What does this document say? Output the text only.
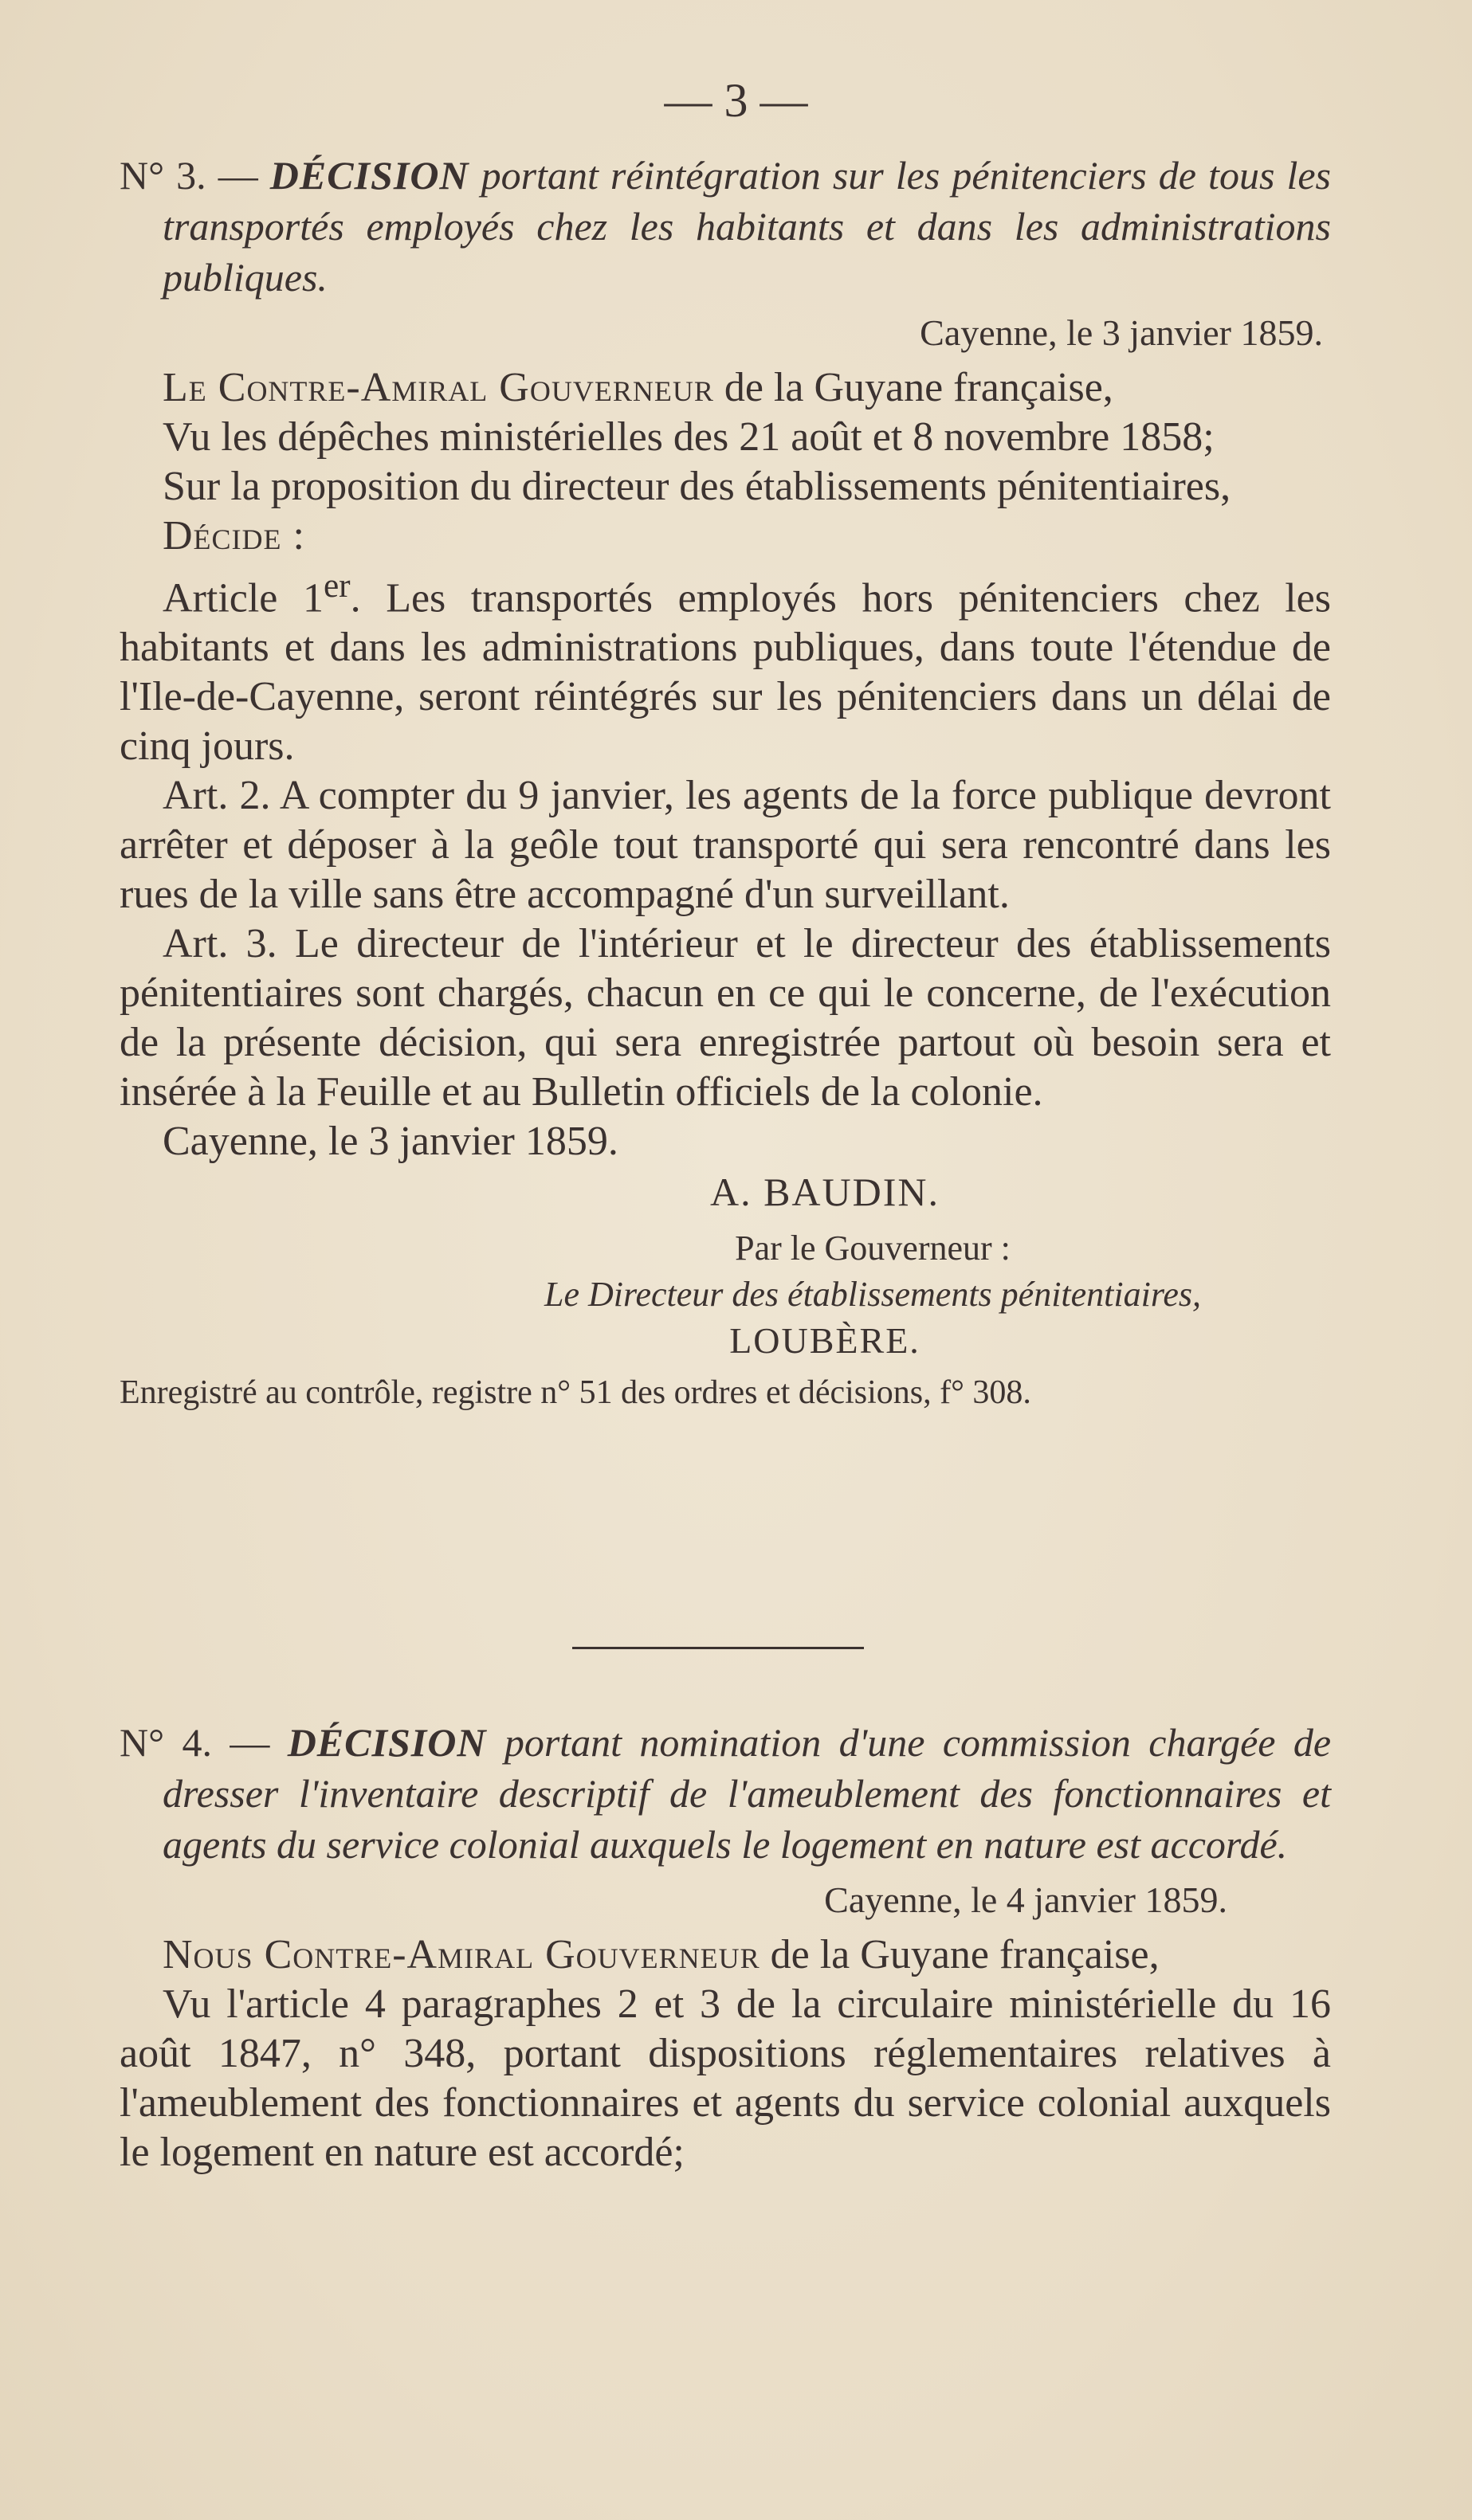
— 3 —

N° 3. — DÉCISION portant réintégration sur les pénitenciers de tous les transportés employés chez les habitants et dans les administrations publiques.

Cayenne, le 3 janvier 1859.

Le Contre-Amiral Gouverneur de la Guyane française,

Vu les dépêches ministérielles des 21 août et 8 novembre 1858;

Sur la proposition du directeur des établissements pénitentiaires,

Décide :

Article 1er. Les transportés employés hors pénitenciers chez les habitants et dans les administrations publiques, dans toute l'étendue de l'Ile-de-Cayenne, seront réintégrés sur les pénitenciers dans un délai de cinq jours.

Art. 2. A compter du 9 janvier, les agents de la force publique devront arrêter et déposer à la geôle tout transporté qui sera rencontré dans les rues de la ville sans être accompagné d'un surveillant.

Art. 3. Le directeur de l'intérieur et le directeur des établissements pénitentiaires sont chargés, chacun en ce qui le concerne, de l'exécution de la présente décision, qui sera enregistrée partout où besoin sera et insérée à la Feuille et au Bulletin officiels de la colonie.

Cayenne, le 3 janvier 1859.

A. BAUDIN.

Par le Gouverneur :

Le Directeur des établissements pénitentiaires,

LOUBÈRE.

Enregistré au contrôle, registre n° 51 des ordres et décisions, f° 308.

N° 4. — DÉCISION portant nomination d'une commission chargée de dresser l'inventaire descriptif de l'ameublement des fonctionnaires et agents du service colonial auxquels le logement en nature est accordé.

Cayenne, le 4 janvier 1859.

Nous Contre-Amiral Gouverneur de la Guyane française,

Vu l'article 4 paragraphes 2 et 3 de la circulaire ministérielle du 16 août 1847, n° 348, portant dispositions réglementaires relatives à l'ameublement des fonctionnaires et agents du service colonial auxquels le logement en nature est accordé;
